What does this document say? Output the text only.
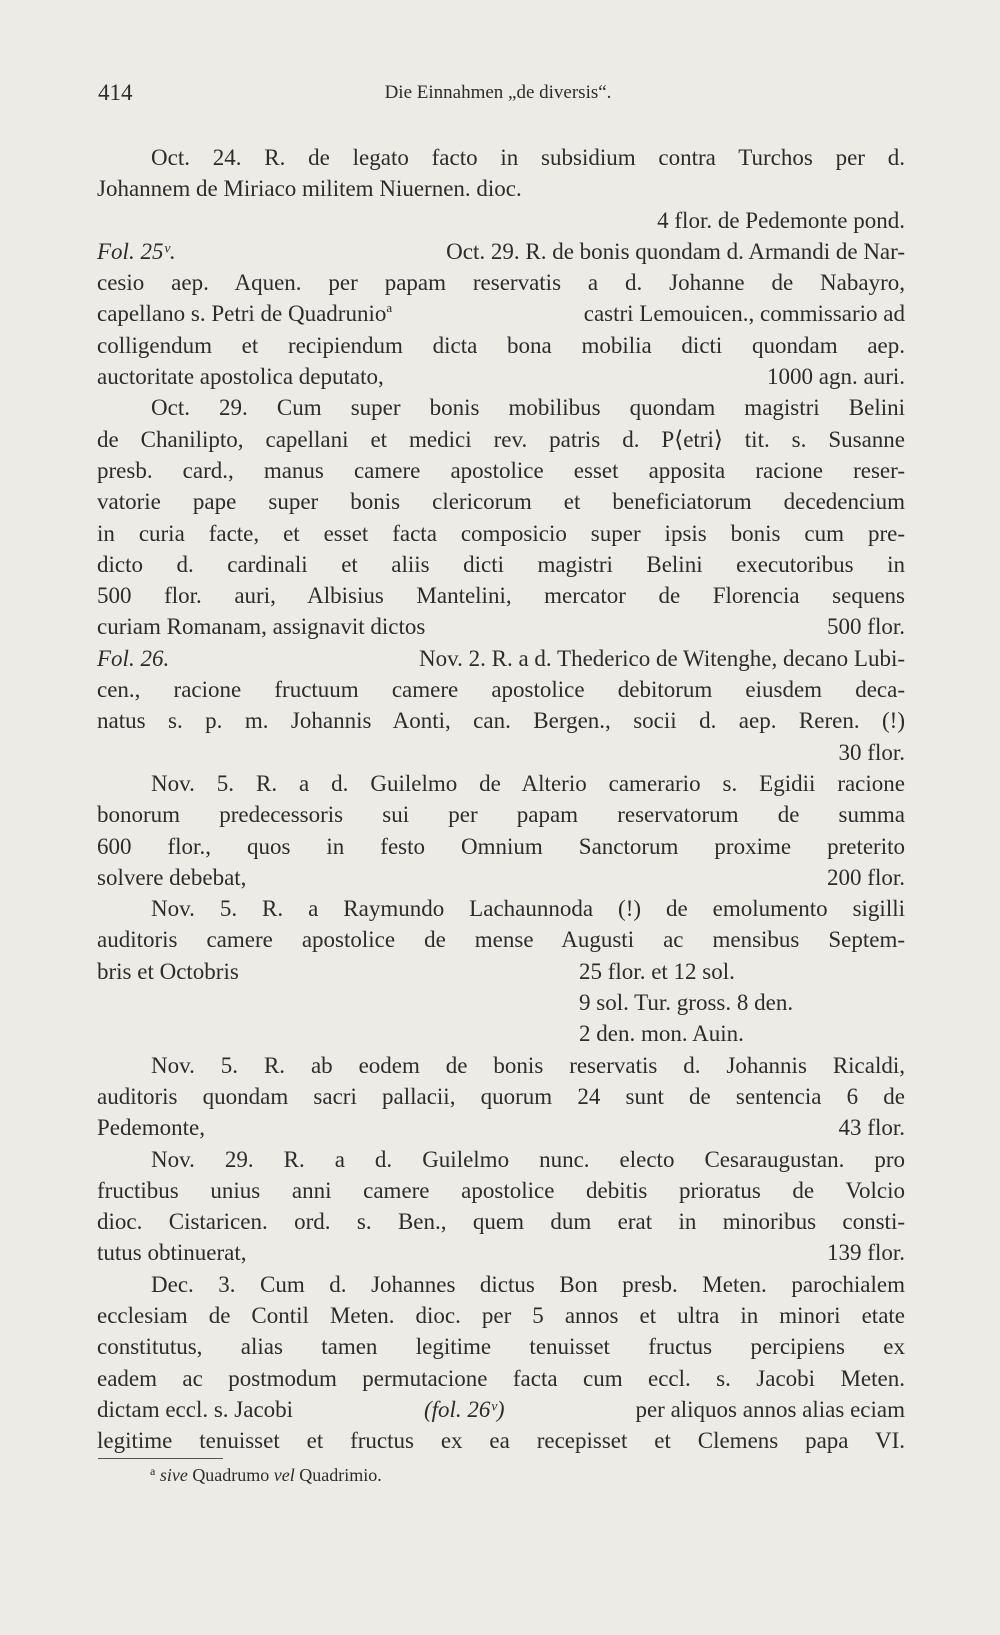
414	Die Einnahmen „de diversis“.
Oct. 24. R. de legato facto in subsidium contra Turchos per d.
Johannem de Miriaco militem Niuernen. dioc.
4 flor. de Pedemonte pond.
Fol. 25ᵛ.	Oct. 29. R. de bonis quondam d. Armandi de Nar-
cesio aep. Aquen. per papam reservatis a d. Johanne de Nabayro,
capellano s. Petri de Quadrunio$^a$	castri Lemouicen., commissario ad
colligendum et recipiendum dicta bona mobilia dicti quondam aep.
auctoritate apostolica deputato,	1000 agn. auri.
Oct. 29. Cum super bonis mobilibus quondam magistri Belini
de Chanilipto, capellani et medici rev. patris d. P⟨etri⟩ tit. s. Susanne
presb. card., manus camere apostolice esset apposita racione reser-
vatorie pape super bonis clericorum et beneficiatorum decedencium
in curia facte, et esset facta composicio super ipsis bonis cum pre-
dicto d. cardinali et aliis dicti magistri Belini executoribus in
500 flor. auri, Albisius Mantelini, mercator de Florencia sequens
curiam Romanam, assignavit dictos	500 flor.
Fol. 26.	Nov. 2. R. a d. Thederico de Witenghe, decano Lubi-
cen., racione fructuum camere apostolice debitorum eiusdem deca-
natus s. p. m. Johannis Aonti, can. Bergen., socii d. aep. Reren. (!)
30 flor.
Nov. 5. R. a d. Guilelmo de Alterio camerario s. Egidii racione
bonorum predecessoris sui per papam reservatorum de summa
600 flor., quos in festo Omnium Sanctorum proxime preterito
solvere debebat,	200 flor.
Nov. 5. R. a Raymundo Lachaunnoda (!) de emolumento sigilli
auditoris camere apostolice de mense Augusti ac mensibus Septem-
bris et Octobris	25 flor. et 12 sol.
9 sol. Tur. gross. 8 den.
2 den. mon. Auin.
Nov. 5. R. ab eodem de bonis reservatis d. Johannis Ricaldi,
auditoris quondam sacri pallacii, quorum 24 sunt de sentencia 6 de
Pedemonte,	43 flor.
Nov. 29. R. a d. Guilelmo nunc. electo Cesaraugustan. pro
fructibus unius anni camere apostolice debitis prioratus de Volcio
dioc. Cistaricen. ord. s. Ben., quem dum erat in minoribus consti-
tutus obtinuerat,	139 flor.
Dec. 3. Cum d. Johannes dictus Bon presb. Meten. parochialem
ecclesiam de Contil Meten. dioc. per 5 annos et ultra in minori etate
constitutus, alias tamen legitime tenuisset fructus percipiens ex
eadem ac postmodum permutacione facta cum eccl. s. Jacobi Meten.
dictam eccl. s. Jacobi	(fol. 26ᵛ)	per aliquos annos alias eciam
legitime tenuisset et fructus ex ea recepisset et Clemens papa VI.
$^a$ sive Quadrumo vel Quadrimio.
